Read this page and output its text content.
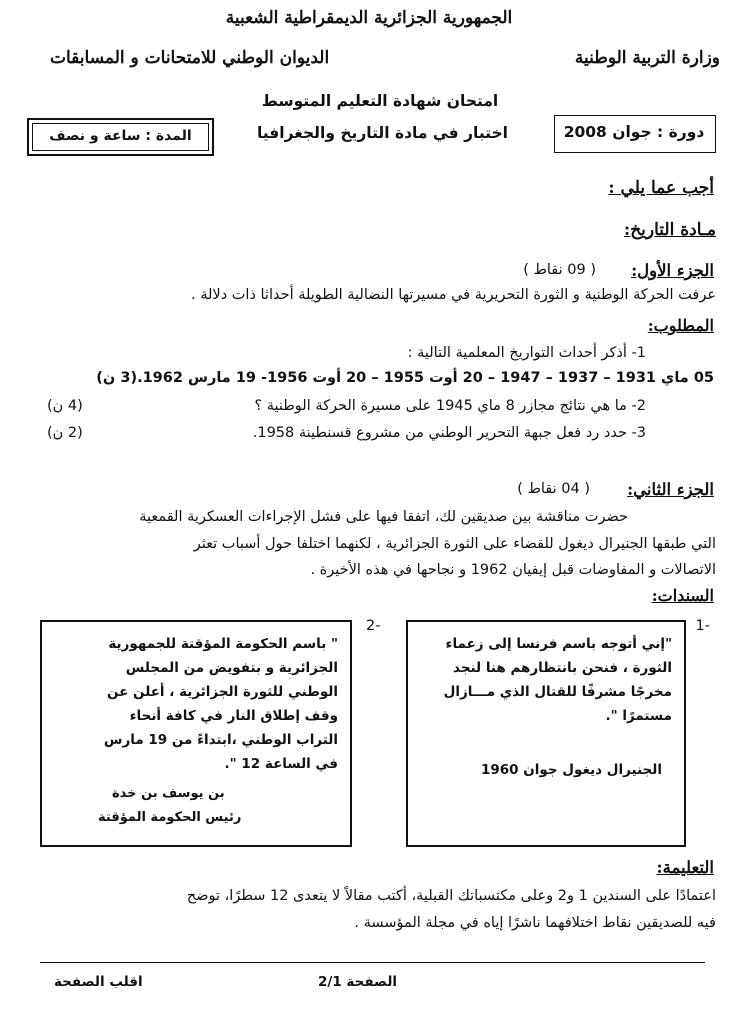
الجمهورية الجزائرية الديمقراطية الشعبية
وزارة التربية الوطنية
الديوان الوطني للامتحانات و المسابقات
امتحان شهادة التعليم المتوسط
دورة : جوان 2008
اختبار في مادة التاريخ والجغرافيا
المدة : ساعة و نصف
أجب عما يلي :
مـادة التاريخ:
الجزء الأول:
( 09 نقاط )
عرفت الحركة الوطنية و الثورة التحريرية في مسيرتها النضالية الطويلة أحداثا ذات دلالة .
المطلوب:
1- أذكر أحداث التواريخ المعلمية التالية :
05 ماي 1931 – 1937 – 1947 – 20 أوت 1955 – 20 أوت 1956- 19 مارس 1962.(3 ن)
2- ما هي نتائج مجازر 8 ماي 1945 على مسيرة الحركة الوطنية ؟
(4 ن)
3- حدد رد فعل جبهة التحرير الوطني من مشروع قسنطينة 1958.
(2 ن)
الجزء الثاني:
( 04 نقاط )
حضرت مناقشة بين صديقين لك، اتفقا فيها على فشل الإجراءات العسكرية القمعية
التي طبقها الجنيرال ديغول للقضاء على الثورة الجزائرية ، لكنهما اختلفا حول أسباب تعثر
الاتصالات و المفاوضات قبل إيفيان 1962 و نجاحها في هذه الأخيرة .
السندات:
-1
"إني أتوجه باسم فرنسا إلى زعماء
الثورة ، فنحن بانتظارهم هنا لنجد
مخرجًا مشرفًا للقتال الذي مـــازال
مستمرًا ".
الجنيرال ديغول جوان 1960
-2
" باسم الحكومة المؤقتة للجمهورية
الجزائرية و بتفويض من المجلس
الوطني للثورة الجزائرية ، أعلن عن
وقف إطلاق النار في كافة أنحاء
التراب الوطني ،ابتداءً من 19 مارس
في الساعة 12 ".
بن يوسف بن خدة
رئيس الحكومة المؤقتة
التعليمة:
اعتمادًا على السندين 1 و2 وعلى مكتسباتك القبلية، أكتب مقالاً لا يتعدى 12 سطرًا، توضح
فيه للصديقين نقاط اختلافهما ناشرًا إياه في مجلة المؤسسة .
الصفحة 2/1
اقلب الصفحة
